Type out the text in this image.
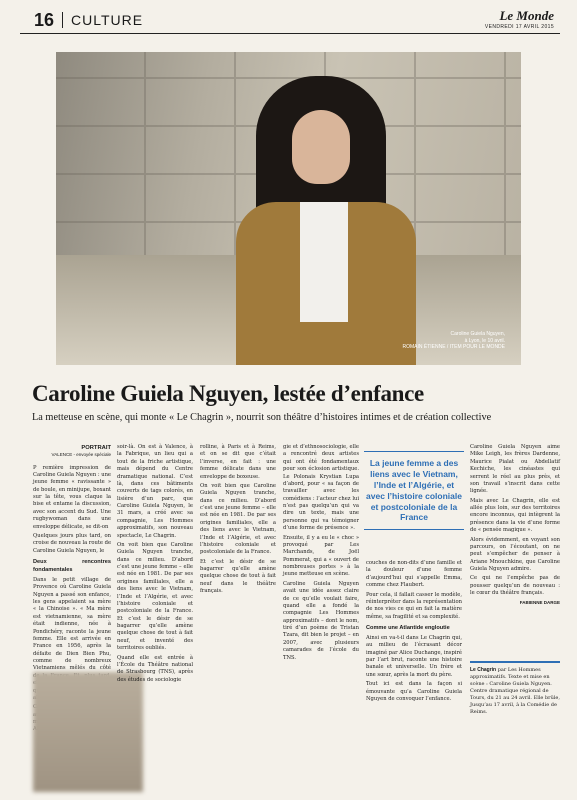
16	CULTURE	Le Monde
VENDREDI 17 AVRIL 2015
Caroline Guiela Nguyen,
à Lyon, le 10 avril.
ROMAIN ÉTIENNE / ITEM POUR LE MONDE
Caroline Guiela Nguyen, lestée d’enfance
La metteuse en scène, qui monte « Le Chagrin », nourrit son théâtre d’histoires intimes et de création collective
PORTRAIT
VALENCE - envoyée spéciale

P remière impression de Caroline Guiela Nguyen : une jeune femme « ravissante » de boule, en minijupe, boxant sur la tête, vous claque la bise et entame la discussion, avec son accent du Sud. Une rugbywoman dans une enveloppe délicate, se dit-on

Quelques jours plus tard, on croise de nouveau la route de Caroline Guiela Nguyen, le

Deux rencontres fondamentales

Dans le petit village de Provence où Caroline Guiela Nguyen a passé son enfance, les gens appelaient sa mère « la Chinoise ». « Ma mère est vietnamienne, sa mère était indienne, née à Pondichéry, raconte la jeune femme. Elle est arrivée en France en 1956, après la défaite de Dien Bien Phu, comme de nombreux Vietnamiens mêlés du côté

soir-là. On est à Valence, à la Fabrique, un lieu qui a tout de la friche artistique, mais dépend du Centre dramatique national. C’est là, dans ces bâtiments couverts de tags colorés, en lisière d’un parc, que Caroline Guiela Nguyen, le 31 mars, a créé avec sa compagnie, Les Hommes approximatifs, son nouveau spectacle, Le Chagrin.

On voit bien que Caroline Guiela Nguyen tranche, dans ce milieu. D’abord c’est une jeune femme – elle est née en 1981. De par ses origines familiales, elle a des liens avec le Vietnam, l’Inde et l’Algérie, et avec l’histoire coloniale et postcoloniale de la France. Et c’est le désir de se bagarrer qu’elle amène quelque chose de tout à fait neuf, et inventé des territoires oubliés.

Quand elle est entrée à l’École du Théâtre national de Strasbourg (TNS), après des études de sociologie

rolline, à Paris et à Reims, et on se dit que c’était l’inverse, en fait : une femme délicate dans une enveloppe de boxeuse.

On voit bien que Caroline Guiela Nguyen tranche, dans ce milieu. D’abord c’est une jeune femme – elle est née en 1981. De par ses origines familiales, elle a des liens avec le Vietnam, l’Inde et l’Algérie, et avec l’histoire coloniale et postcoloniale de la France.

Et c’est le désir de se bagarrer qu’elle amène quelque chose de tout à fait neuf dans le théâtre français.

gie et d’ethnosociologie, elle a rencontré deux artistes qui ont été fondamentaux pour son éclosion artistique. Le Polonais Krystian Lupa d’abord, pour « sa façon de travailler avec les comédiens : l’acteur chez lui n’est pas quelqu’un qui va dire un texte, mais une personne qui va témoigner d’une forme de présence ».

Ensuite, il y a eu le « choc » provoqué par Les Marchands, de Joël Pommerat, qui a « ouvert de nombreuses portes » à la jeune metteuse en scène.

Caroline Guiela Nguyen avait une idée assez claire de ce qu’elle voulait faire, quand elle a fondé la compagnie Les Hommes approximatifs – dont le nom, tiré d’un poème de Tristan Tzara, dit bien le projet – en 2007, avec plusieurs camarades de l’école du TNS.

La jeune femme a des liens avec le Vietnam, l’Inde et l’Algérie, et avec l’histoire coloniale et postcoloniale de la France

couches de non-dits d’une famille et la douleur d’une femme d’aujourd’hui qui s’appelle Emma, comme chez Flaubert.

Pour cela, il fallait casser le modèle, réinterpréter dans la représentation de nos vies ce qui en fait la matière même, sa fragilité et sa complexité.

Comme une Atlantide engloutie

Ainsi en va-t-il dans Le Chagrin qui, au milieu de l’écrasant décor imaginé par Alice Duchange, inspiré par l’art brut, raconte une histoire banale et universelle. Un frère et une sœur, après la mort du père.

Tout ici est dans la façon si émouvante qu’a Caroline Guiela Nguyen de convoquer l’enfance.

Caroline Guiela Nguyen aime Mike Leigh, les frères Dardenne, Maurice Pialat ou Abdellatif Kechiche, les cinéastes qui serrent le réel au plus près, et son travail s’inscrit dans cette lignée.

Mais avec Le Chagrin, elle est allée plus loin, sur des territoires encore inconnus, qui intègrent la présence dans la vie d’une forme de « pensée magique ».

Alors évidemment, en voyant son parcours, on l’écoutant, on ne peut s’empêcher de penser à Ariane Mnouchkine, que Caroline Guiela Nguyen admire.

Ce qui ne l’empêche pas de pousser quelqu’un de nouveau : le cœur du théâtre français.

FABIENNE DARGE
Le Chagrin par Les Hommes approximatifs. Texte et mise en scène : Caroline Guiela Nguyen. Centre dramatique régional de Tours, du 21 au 24 avril. Elle brûle, Jusqu’au 17 avril, à la Comédie de Reims.
